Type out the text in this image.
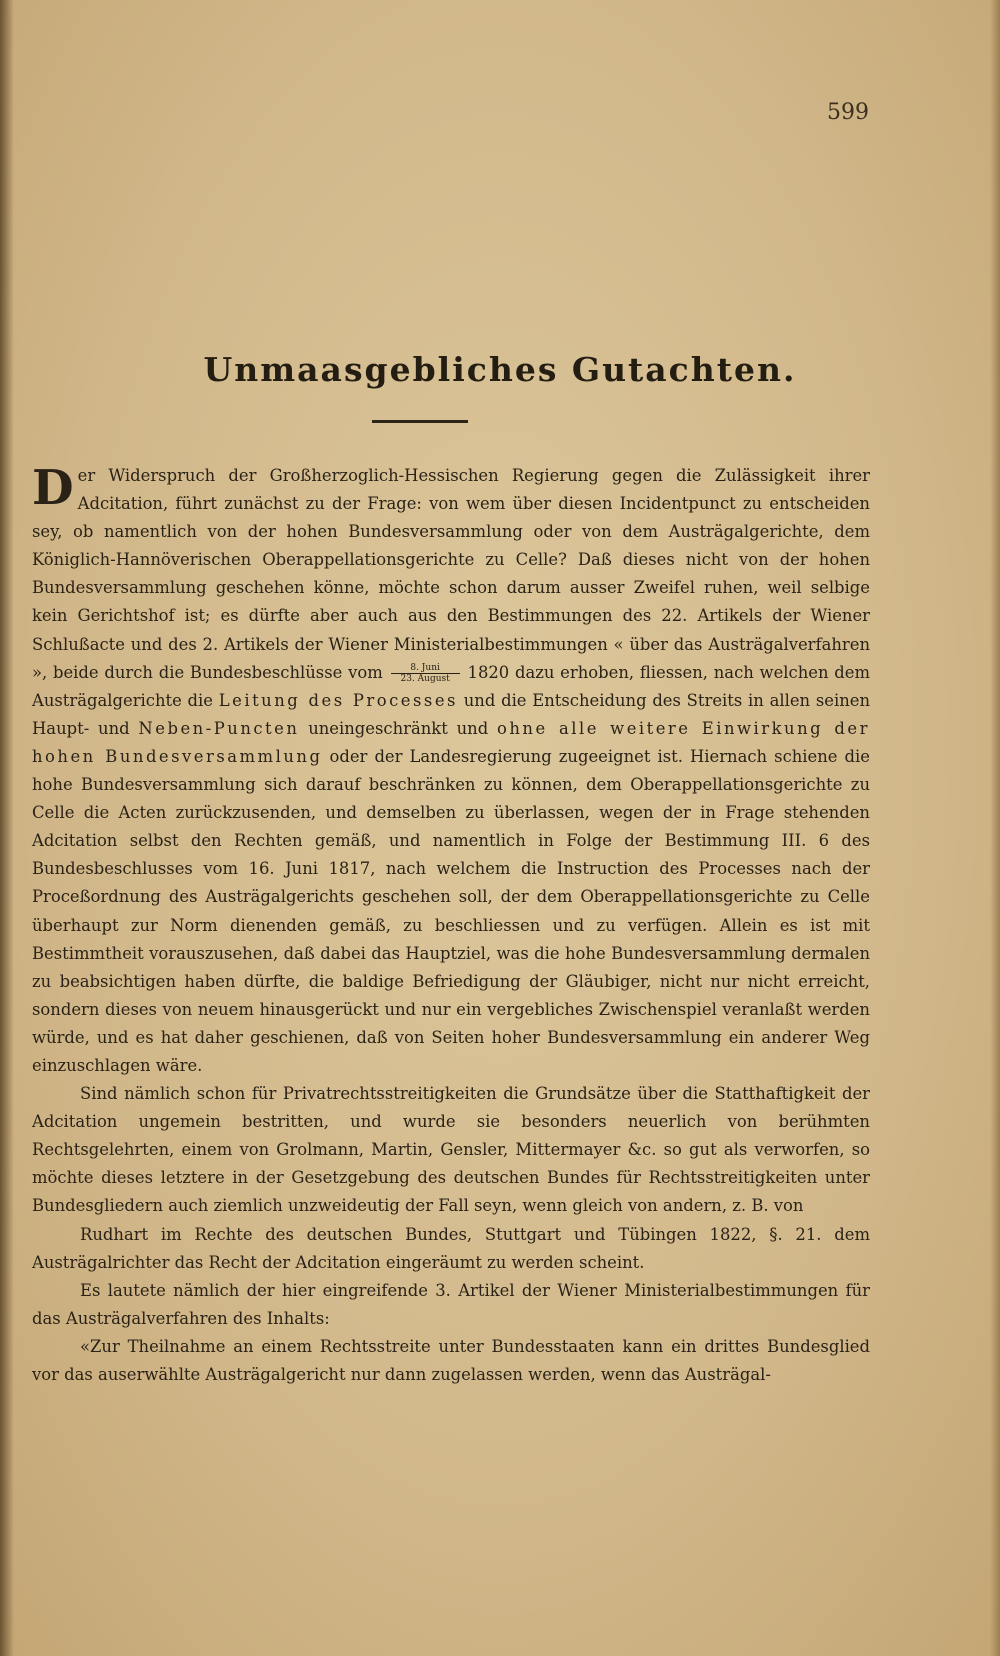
599
Unmaasgebliches Gutachten.

Der Widerspruch der Großherzoglich-Hessischen Regierung gegen die Zulässigkeit ihrer Adcitation, führt zunächst zu der Frage: von wem über diesen Incidentpunct zu entscheiden sey, ob namentlich von der hohen Bundesversammlung oder von dem Austrägalgerichte, dem Königlich-Hannöverischen Oberappellationsgerichte zu Celle? Daß dieses nicht von der hohen Bundesversammlung geschehen könne, möchte schon darum ausser Zweifel ruhen, weil selbige kein Gerichtshof ist; es dürfte aber auch aus den Bestimmungen des 22. Artikels der Wiener Schlußacte und des 2. Artikels der Wiener Ministerialbestimmungen « über das Austrägalverfahren », beide durch die Bundesbeschlüsse vom $\frac{\text{8. Juni}}{\text{23. August}} 1820$ dazu erhoben, fliessen, nach welchen dem Austrägalgerichte die Leitung des Processes und die Entscheidung des Streits in allen seinen Haupt- und Neben-Puncten uneingeschränkt und ohne alle weitere Einwirkung der hohen Bundesversammlung oder der Landesregierung zugeeignet ist. Hiernach schiene die hohe Bundesversammlung sich darauf beschränken zu können, dem Oberappellationsgerichte zu Celle die Acten zurückzusenden, und demselben zu überlassen, wegen der in Frage stehenden Adcitation selbst den Rechten gemäß, und namentlich in Folge der Bestimmung III. 6 des Bundesbeschlusses vom 16. Juni 1817, nach welchem die Instruction des Processes nach der Proceßordnung des Austrägalgerichts geschehen soll, der dem Oberappellationsgerichte zu Celle überhaupt zur Norm dienenden gemäß, zu beschliessen und zu verfügen. Allein es ist mit Bestimmtheit vorauszusehen, daß dabei das Hauptziel, was die hohe Bundesversammlung dermalen zu beabsichtigen haben dürfte, die baldige Befriedigung der Gläubiger, nicht nur nicht erreicht, sondern dieses von neuem hinausgerückt und nur ein vergebliches Zwischenspiel veranlaßt werden würde, und es hat daher geschienen, daß von Seiten hoher Bundesversammlung ein anderer Weg einzuschlagen wäre.

Sind nämlich schon für Privatrechtsstreitigkeiten die Grundsätze über die Statthaftigkeit der Adcitation ungemein bestritten, und wurde sie besonders neuerlich von berühmten Rechtsgelehrten, einem von Grolmann, Martin, Gensler, Mittermayer &c. so gut als verworfen, so möchte dieses letztere in der Gesetzgebung des deutschen Bundes für Rechtsstreitigkeiten unter Bundesgliedern auch ziemlich unzweideutig der Fall seyn, wenn gleich von andern, z. B. von

Rudhart im Rechte des deutschen Bundes, Stuttgart und Tübingen 1822, §. 21. dem Austrägalrichter das Recht der Adcitation eingeräumt zu werden scheint.

Es lautete nämlich der hier eingreifende 3. Artikel der Wiener Ministerialbestimmungen für das Austrägalverfahren des Inhalts:

«Zur Theilnahme an einem Rechtsstreite unter Bundesstaaten kann ein drittes Bundesglied vor das auserwählte Austrägalgericht nur dann zugelassen werden, wenn das Austrägal-
